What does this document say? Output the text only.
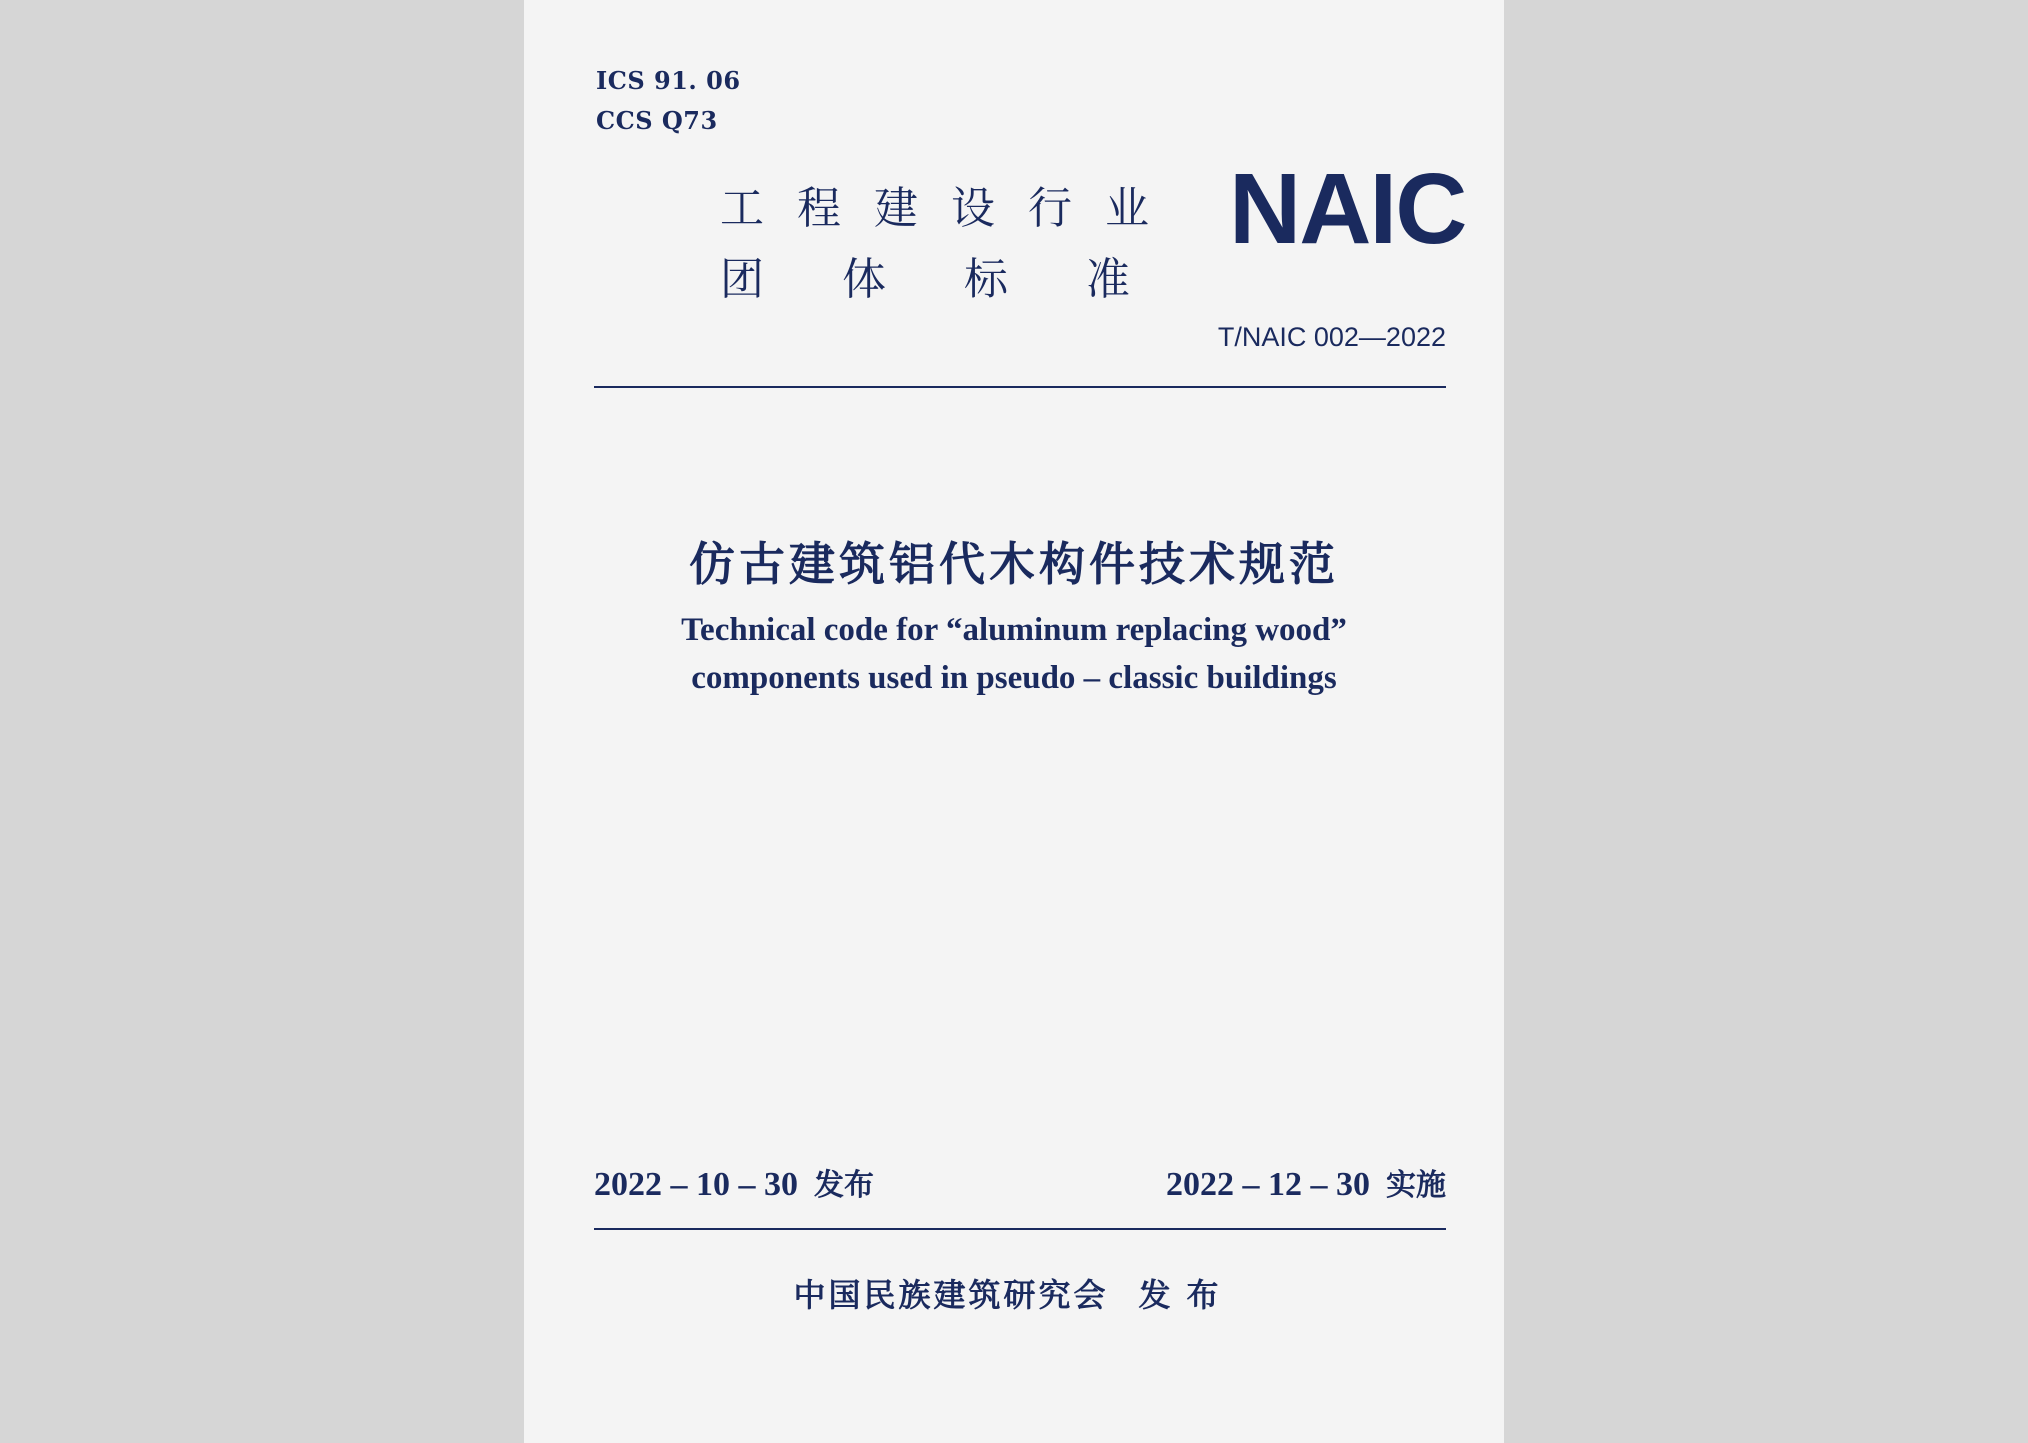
ICS 91. 06
CCS Q73
工程建设行业
团体标准
NAIC
T/NAIC 002—2022
仿古建筑铝代木构件技术规范
Technical code for “aluminum replacing wood”
components used in pseudo – classic buildings
2022 – 10 – 30 发布	2022 – 12 – 30 实施
中国民族建筑研究会 发布
